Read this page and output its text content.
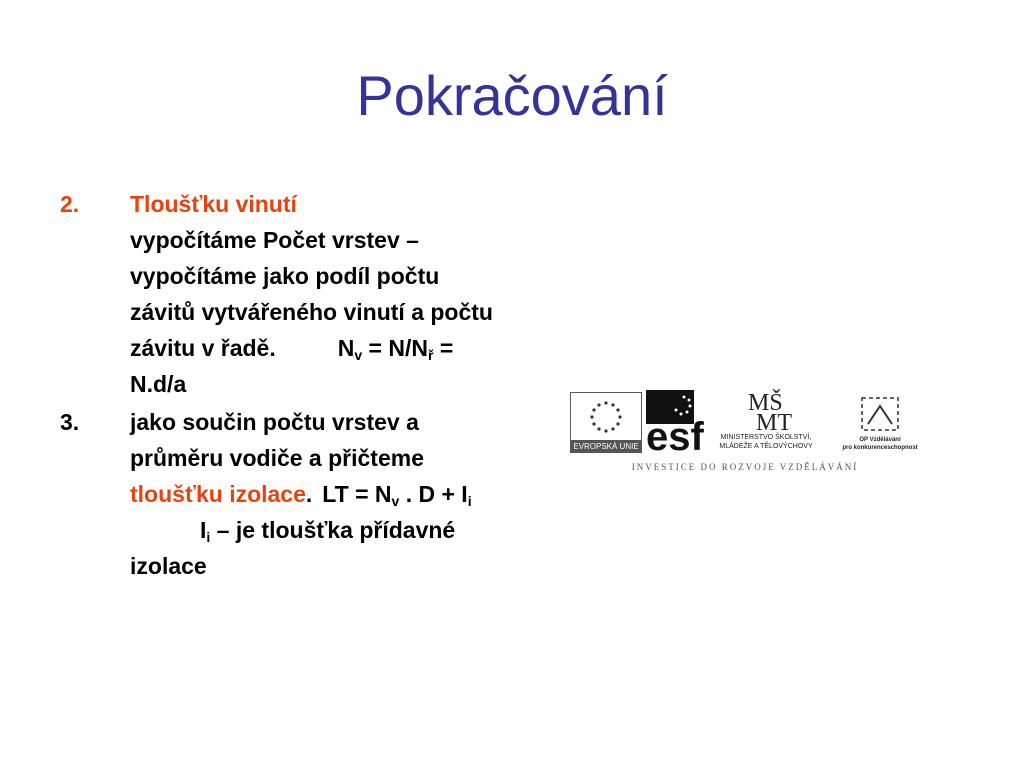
Pokračování
2.	Tloušťku vinutí
vypočítáme Počet vrstev – vypočítáme jako podíl počtu závitů vytvářeného vinutí a počtu závitu v řadě.	$N_v = N/N_ř = N.d/a$
3.	jako součin počtu vrstev a průměru vodiče a přičteme tloušťku izolace. LT = $N_v$ . $D + I_iI_i$ – je tloušťka přídavné izolace
EVROPSKÁ UNIE esf
MŠ
MT
MINISTERSTVO ŠKOLSTVÍ,
MLÁDEŽE A TĚLOVÝCHOVY
OP Vzdělávání
pro konkurenceschopnost
INVESTICE DO ROZVOJE VZDĚLÁVÁNÍ
